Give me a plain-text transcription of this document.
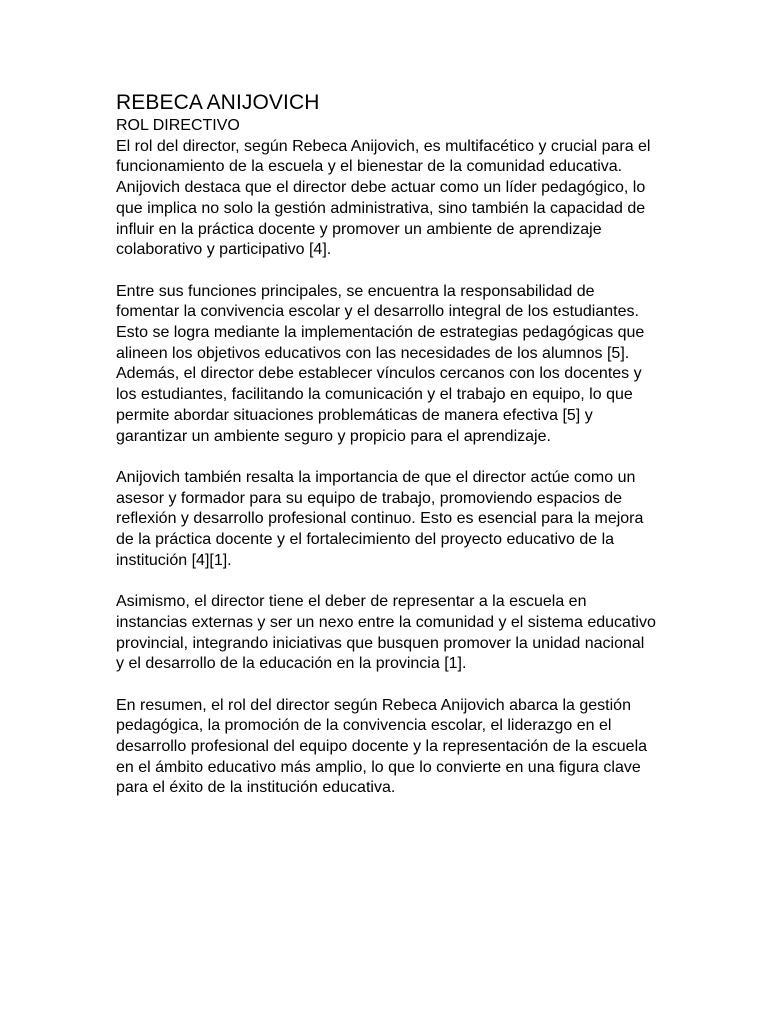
REBECA ANIJOVICH

ROL DIRECTIVO

El rol del director, según Rebeca Anijovich, es multifacético y crucial para el funcionamiento de la escuela y el bienestar de la comunidad educativa. Anijovich destaca que el director debe actuar como un líder pedagógico, lo que implica no solo la gestión administrativa, sino también la capacidad de influir en la práctica docente y promover un ambiente de aprendizaje colaborativo y participativo [4].

Entre sus funciones principales, se encuentra la responsabilidad de fomentar la convivencia escolar y el desarrollo integral de los estudiantes. Esto se logra mediante la implementación de estrategias pedagógicas que alineen los objetivos educativos con las necesidades de los alumnos [5]. Además, el director debe establecer vínculos cercanos con los docentes y los estudiantes, facilitando la comunicación y el trabajo en equipo, lo que permite abordar situaciones problemáticas de manera efectiva [5] y garantizar un ambiente seguro y propicio para el aprendizaje.

Anijovich también resalta la importancia de que el director actúe como un asesor y formador para su equipo de trabajo, promoviendo espacios de reflexión y desarrollo profesional continuo. Esto es esencial para la mejora de la práctica docente y el fortalecimiento del proyecto educativo de la institución [4][1].

Asimismo, el director tiene el deber de representar a la escuela en instancias externas y ser un nexo entre la comunidad y el sistema educativo provincial, integrando iniciativas que busquen promover la unidad nacional y el desarrollo de la educación en la provincia [1].

En resumen, el rol del director según Rebeca Anijovich abarca la gestión pedagógica, la promoción de la convivencia escolar, el liderazgo en el desarrollo profesional del equipo docente y la representación de la escuela en el ámbito educativo más amplio, lo que lo convierte en una figura clave para el éxito de la institución educativa.
